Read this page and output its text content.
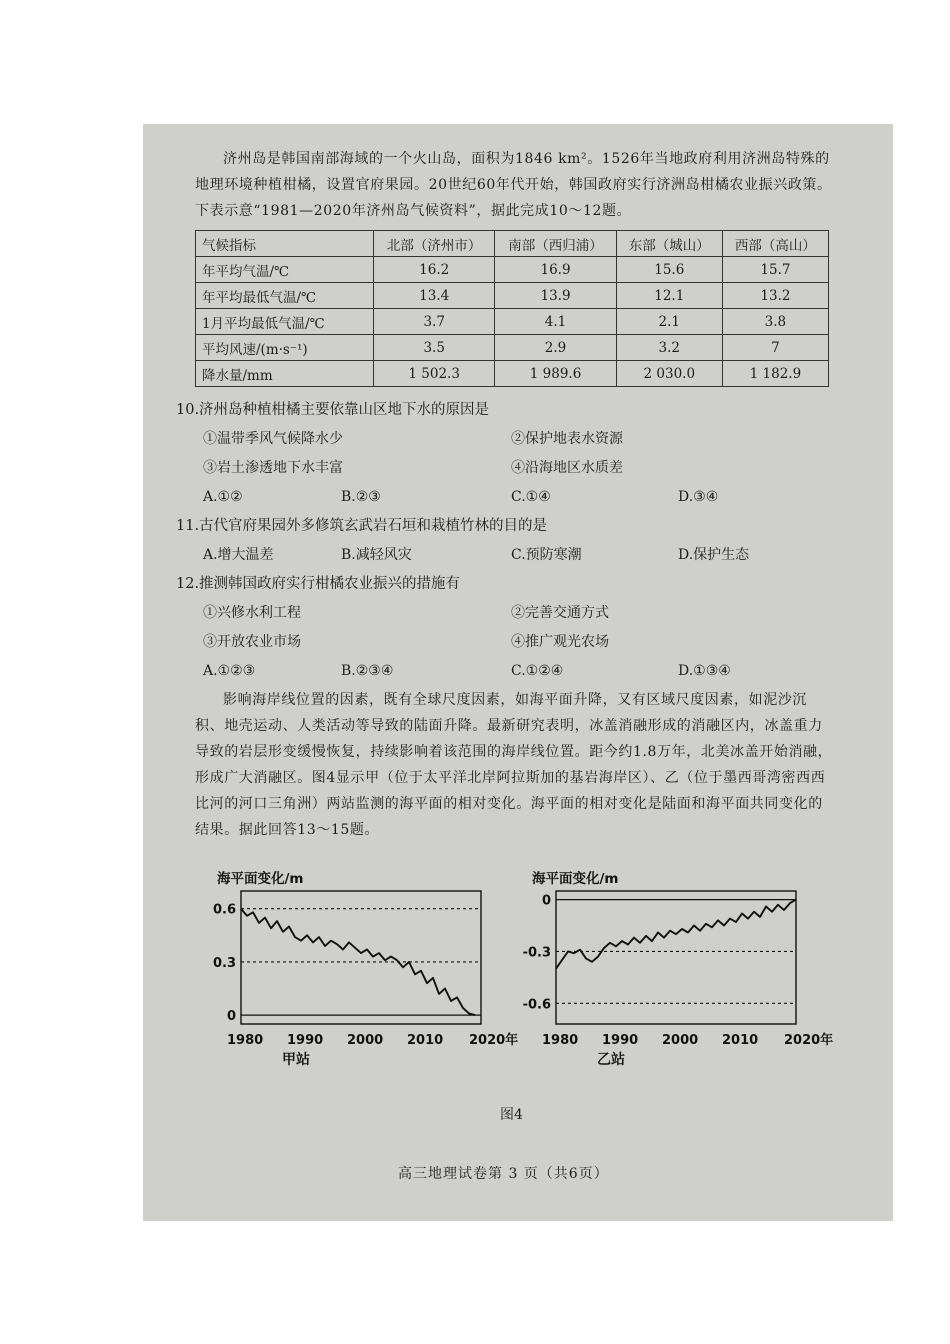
济州岛是韩国南部海域的一个火山岛，面积为1846 km²。1526年当地政府利用济洲岛特殊的地理环境种植柑橘，设置官府果园。20世纪60年代开始，韩国政府实行济洲岛柑橘农业振兴政策。下表示意“1981—2020年济州岛气候资料”，据此完成10～12题。
气候指标	北部（济州市）	南部（西归浦）	东部（城山）	西部（高山）
年平均气温/℃	16.2	16.9	15.6	15.7
年平均最低气温/℃	13.4	13.9	12.1	13.2
1月平均最低气温/℃	3.7	4.1	2.1	3.8
平均风速/(m·s⁻¹)	3.5	2.9	3.2	7
降水量/mm	1 502.3	1 989.6	2 030.0	1 182.9
10.济州岛种植柑橘主要依靠山区地下水的原因是
①温带季风气候降水少	②保护地表水资源
③岩土渗透地下水丰富	④沿海地区水质差
A.①②	B.②③	C.①④	D.③④
11.古代官府果园外多修筑玄武岩石垣和栽植竹林的目的是
A.增大温差	B.减轻风灾	C.预防寒潮	D.保护生态
12.推测韩国政府实行柑橘农业振兴的措施有
①兴修水利工程	②完善交通方式
③开放农业市场	④推广观光农场
A.①②③	B.②③④	C.①②④	D.①③④
影响海岸线位置的因素，既有全球尺度因素，如海平面升降，又有区域尺度因素，如泥沙沉积、地壳运动、人类活动等导致的陆面升降。最新研究表明，冰盖消融形成的消融区内，冰盖重力导致的岩层形变缓慢恢复，持续影响着该范围的海岸线位置。距今约1.8万年，北美冰盖开始消融，形成广大消融区。图4显示甲（位于太平洋北岸阿拉斯加的基岩海岸区）、乙（位于墨西哥湾密西西比河的河口三角洲）两站监测的海平面的相对变化。海平面的相对变化是陆面和海平面共同变化的结果。据此回答13～15题。
海平面变化/m
0.6
0.3
0
1980 1990 2000 2010 2020年
甲站
海平面变化/m
0
-0.3
-0.6
1980 1990 2000 2010 2020年
乙站
图4
高三地理试卷第 3 页（共6页）
